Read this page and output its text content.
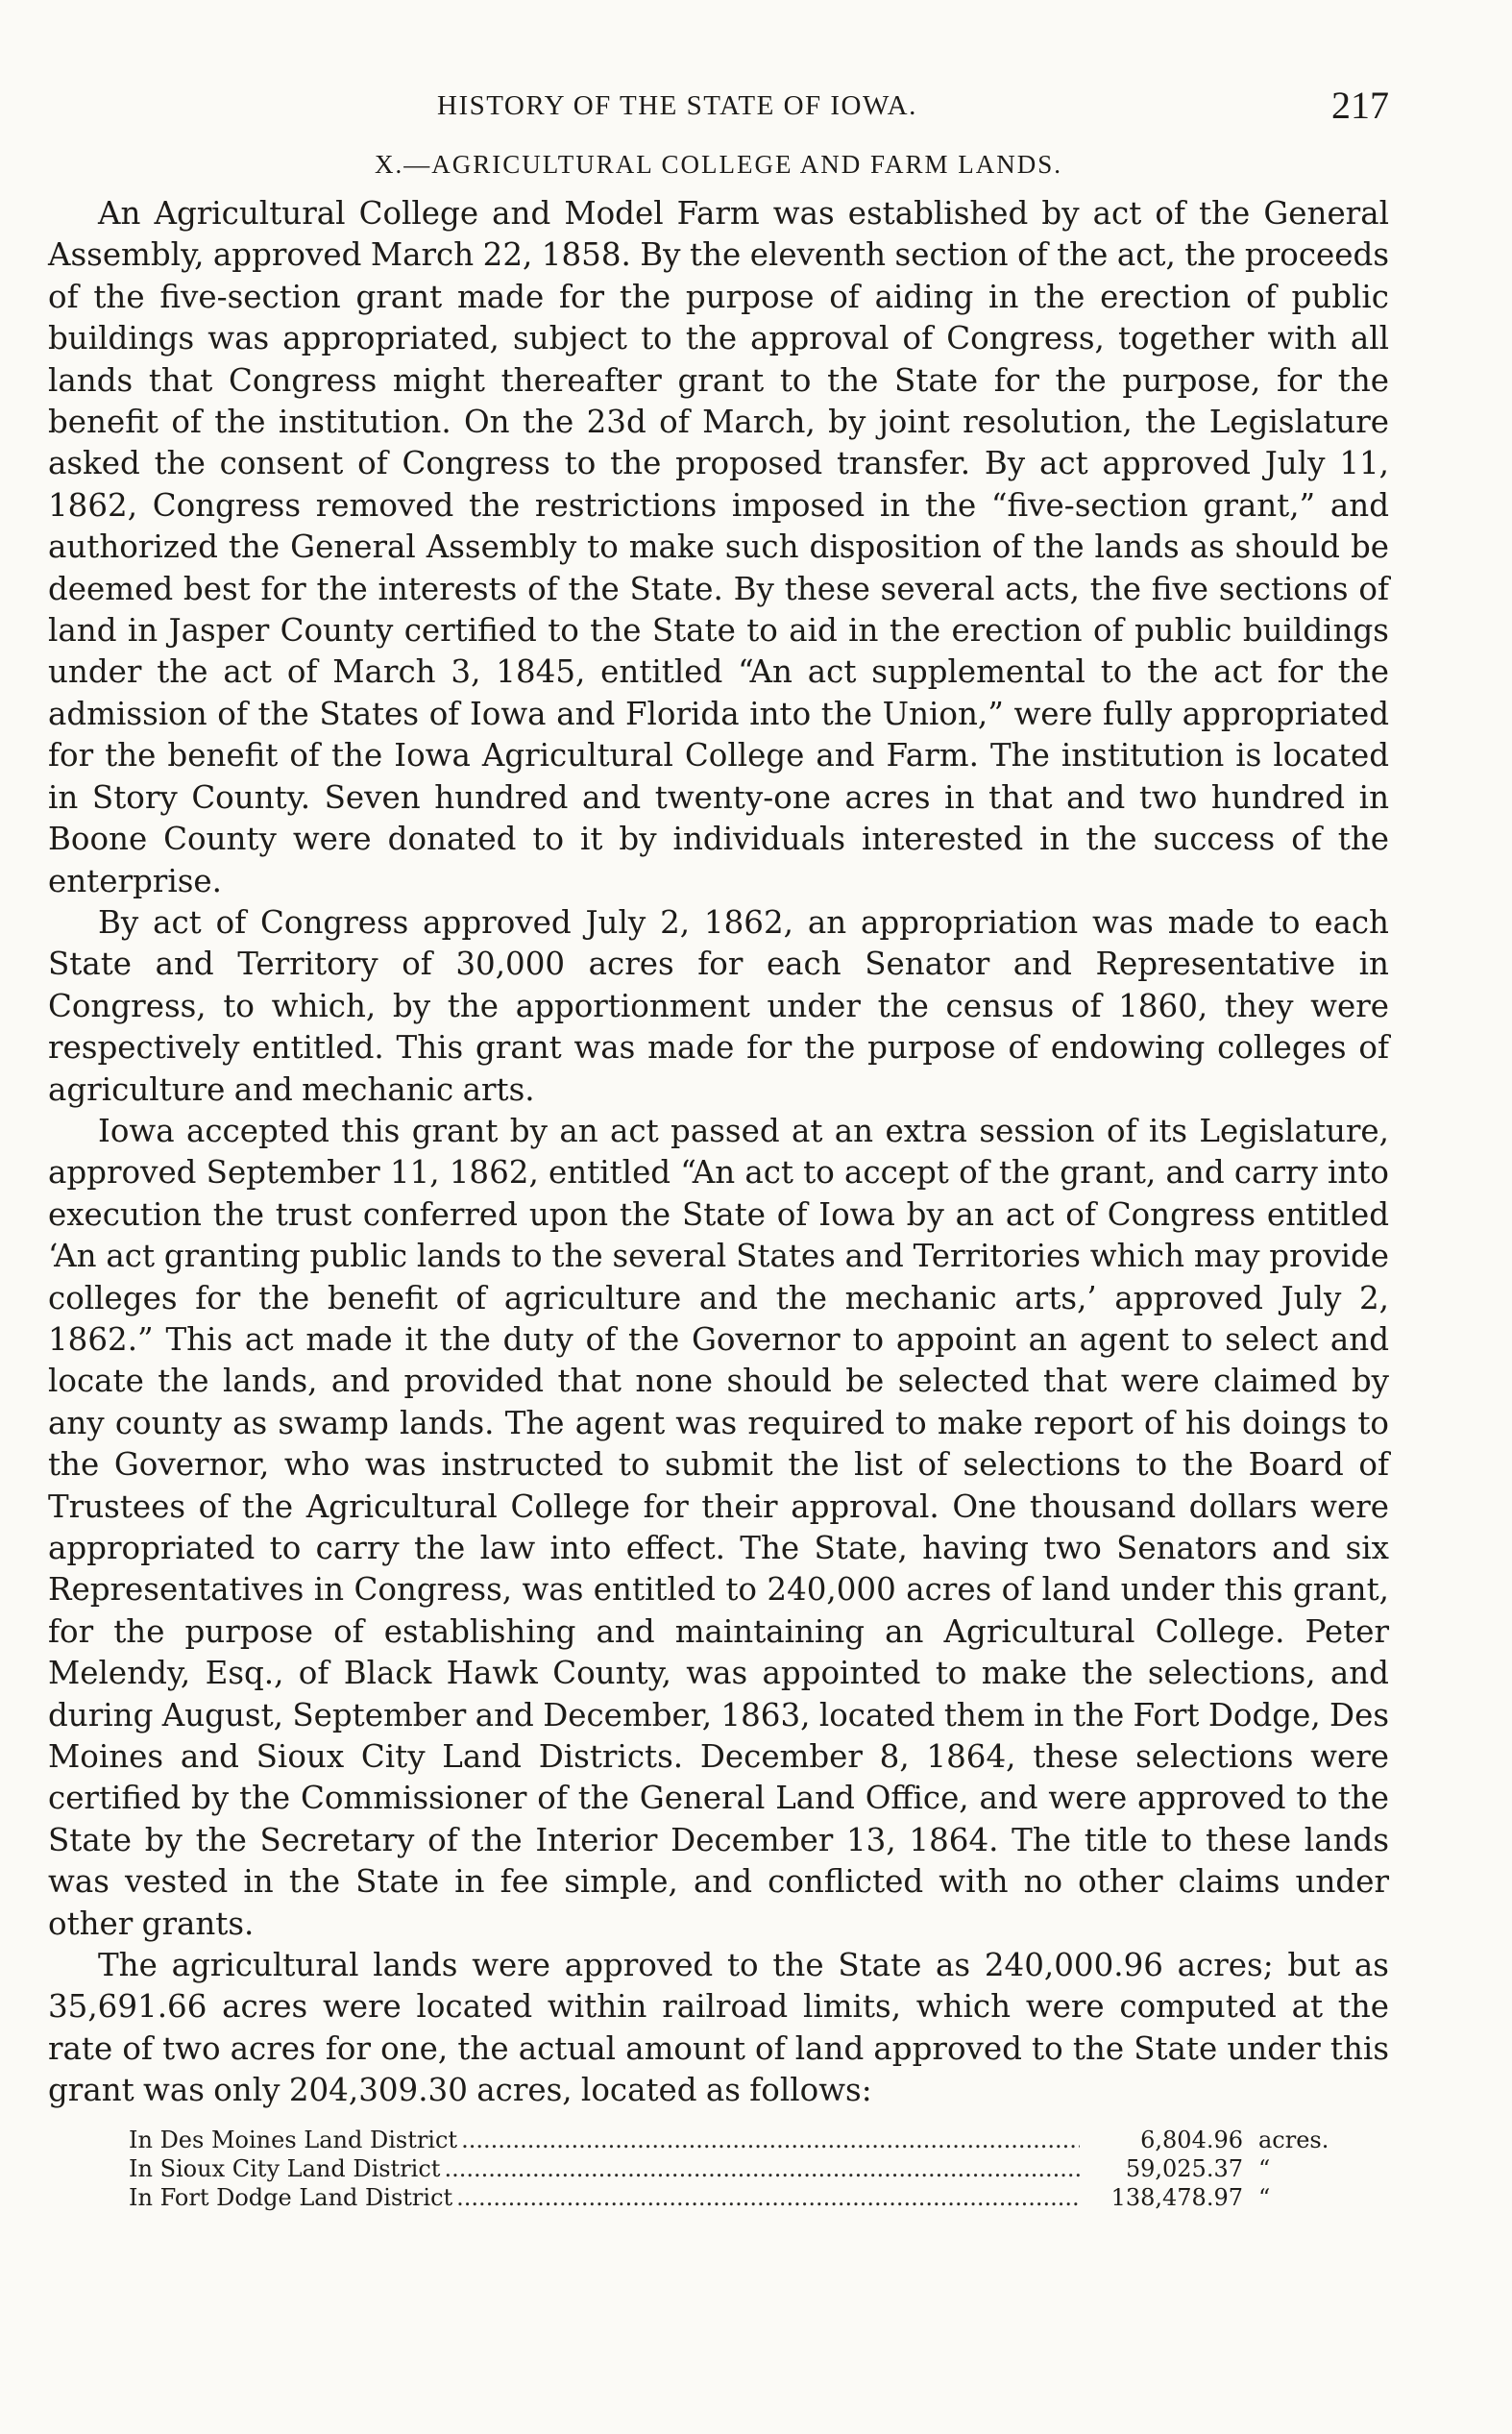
HISTORY OF THE STATE OF IOWA.	217
X.—AGRICULTURAL COLLEGE AND FARM LANDS.

An Agricultural College and Model Farm was established by act of the General Assembly, approved March 22, 1858. By the eleventh section of the act, the proceeds of the five-section grant made for the purpose of aiding in the erection of public buildings was appropriated, subject to the approval of Congress, together with all lands that Congress might thereafter grant to the State for the purpose, for the benefit of the institution. On the 23d of March, by joint resolution, the Legislature asked the consent of Congress to the proposed transfer. By act approved July 11, 1862, Congress removed the restrictions imposed in the “five-section grant,” and authorized the General Assembly to make such disposition of the lands as should be deemed best for the interests of the State. By these several acts, the five sections of land in Jasper County certified to the State to aid in the erection of public buildings under the act of March 3, 1845, entitled “An act supplemental to the act for the admission of the States of Iowa and Florida into the Union,” were fully appropriated for the benefit of the Iowa Agricultural College and Farm. The institution is located in Story County. Seven hundred and twenty-one acres in that and two hundred in Boone County were donated to it by individuals interested in the success of the enterprise.

By act of Congress approved July 2, 1862, an appropriation was made to each State and Territory of 30,000 acres for each Senator and Representative in Congress, to which, by the apportionment under the census of 1860, they were respectively entitled. This grant was made for the purpose of endowing colleges of agriculture and mechanic arts.

Iowa accepted this grant by an act passed at an extra session of its Legislature, approved September 11, 1862, entitled “An act to accept of the grant, and carry into execution the trust conferred upon the State of Iowa by an act of Congress entitled ‘An act granting public lands to the several States and Territories which may provide colleges for the benefit of agriculture and the mechanic arts,’ approved July 2, 1862.” This act made it the duty of the Governor to appoint an agent to select and locate the lands, and provided that none should be selected that were claimed by any county as swamp lands. The agent was required to make report of his doings to the Governor, who was instructed to submit the list of selections to the Board of Trustees of the Agricultural College for their approval. One thousand dollars were appropriated to carry the law into effect. The State, having two Senators and six Representatives in Congress, was entitled to 240,000 acres of land under this grant, for the purpose of establishing and maintaining an Agricultural College. Peter Melendy, Esq., of Black Hawk County, was appointed to make the selections, and during August, September and December, 1863, located them in the Fort Dodge, Des Moines and Sioux City Land Districts. December 8, 1864, these selections were certified by the Commissioner of the General Land Office, and were approved to the State by the Secretary of the Interior December 13, 1864. The title to these lands was vested in the State in fee simple, and conflicted with no other claims under other grants.

The agricultural lands were approved to the State as 240,000.96 acres; but as 35,691.66 acres were located within railroad limits, which were computed at the rate of two acres for one, the actual amount of land approved to the State under this grant was only 204,309.30 acres, located as follows:

In Des Moines Land District .....	6,804.96 acres.
In Sioux City Land District .....	59,025.37 “
In Fort Dodge Land District .....	138,478.97 “
